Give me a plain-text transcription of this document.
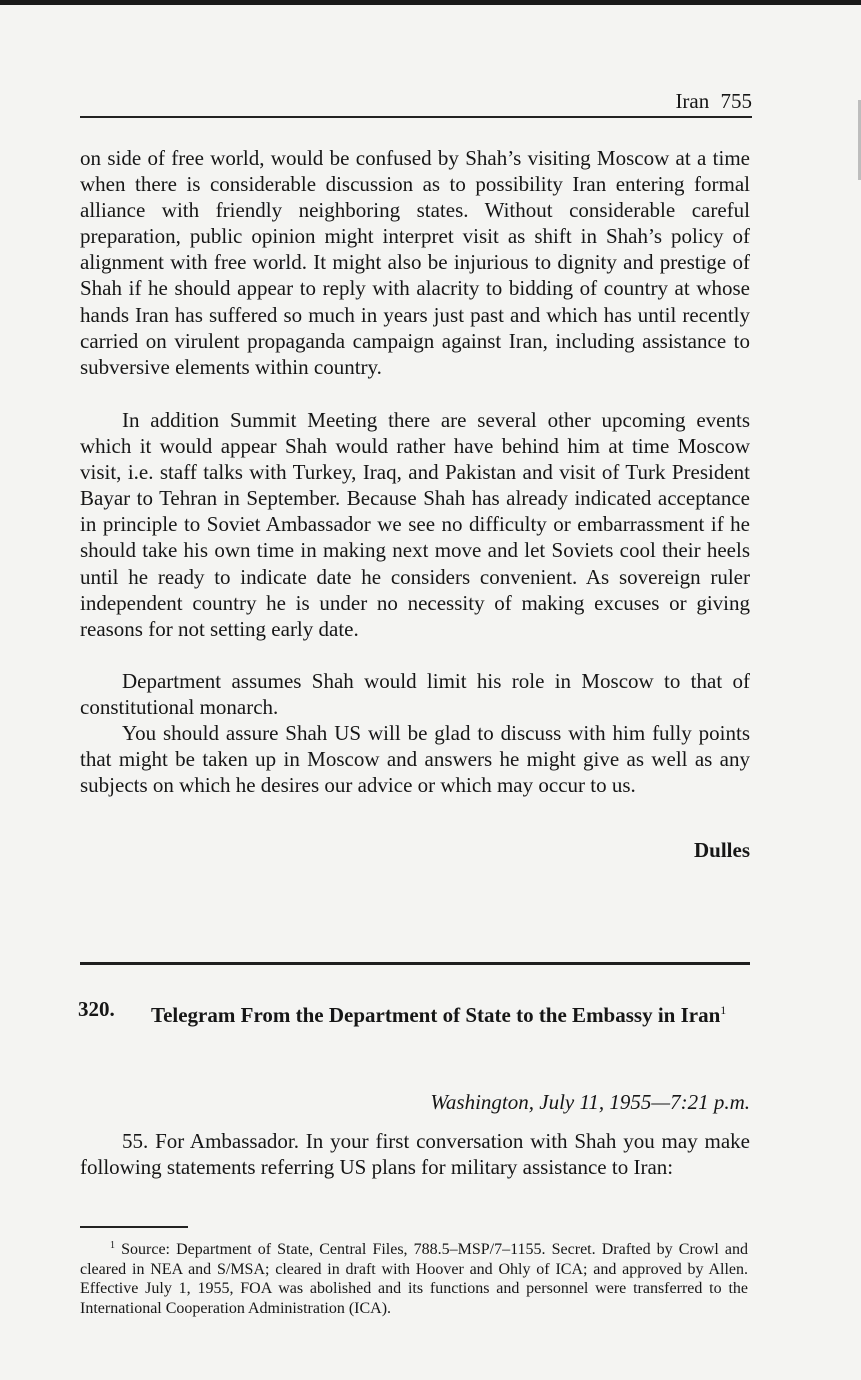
Iran 755

on side of free world, would be confused by Shah’s visiting Moscow at a time when there is considerable discussion as to possibility Iran entering formal alliance with friendly neighboring states. Without considerable careful preparation, public opinion might interpret visit as shift in Shah’s policy of alignment with free world. It might also be injurious to dignity and prestige of Shah if he should appear to reply with alacrity to bidding of country at whose hands Iran has suffered so much in years just past and which has until recently carried on virulent propaganda campaign against Iran, including assistance to subversive elements within country.

In addition Summit Meeting there are several other upcoming events which it would appear Shah would rather have behind him at time Moscow visit, i.e. staff talks with Turkey, Iraq, and Pakistan and visit of Turk President Bayar to Tehran in September. Because Shah has already indicated acceptance in principle to Soviet Ambassador we see no difficulty or embarrassment if he should take his own time in making next move and let Soviets cool their heels until he ready to indicate date he considers convenient. As sovereign ruler independent country he is under no necessity of making excuses or giving reasons for not setting early date.

Department assumes Shah would limit his role in Moscow to that of constitutional monarch.

You should assure Shah US will be glad to discuss with him fully points that might be taken up in Moscow and answers he might give as well as any subjects on which he desires our advice or which may occur to us.

Dulles
320. Telegram From the Department of State to the Embassy in Iran$^1$

Washington, July 11, 1955—7:21 p.m.

55. For Ambassador. In your first conversation with Shah you may make following statements referring US plans for military assistance to Iran:

$^1$ Source: Department of State, Central Files, 788.5–MSP/7–1155. Secret. Drafted by Crowl and cleared in NEA and S/MSA; cleared in draft with Hoover and Ohly of ICA; and approved by Allen. Effective July 1, 1955, FOA was abolished and its functions and personnel were transferred to the International Cooperation Administration (ICA).
